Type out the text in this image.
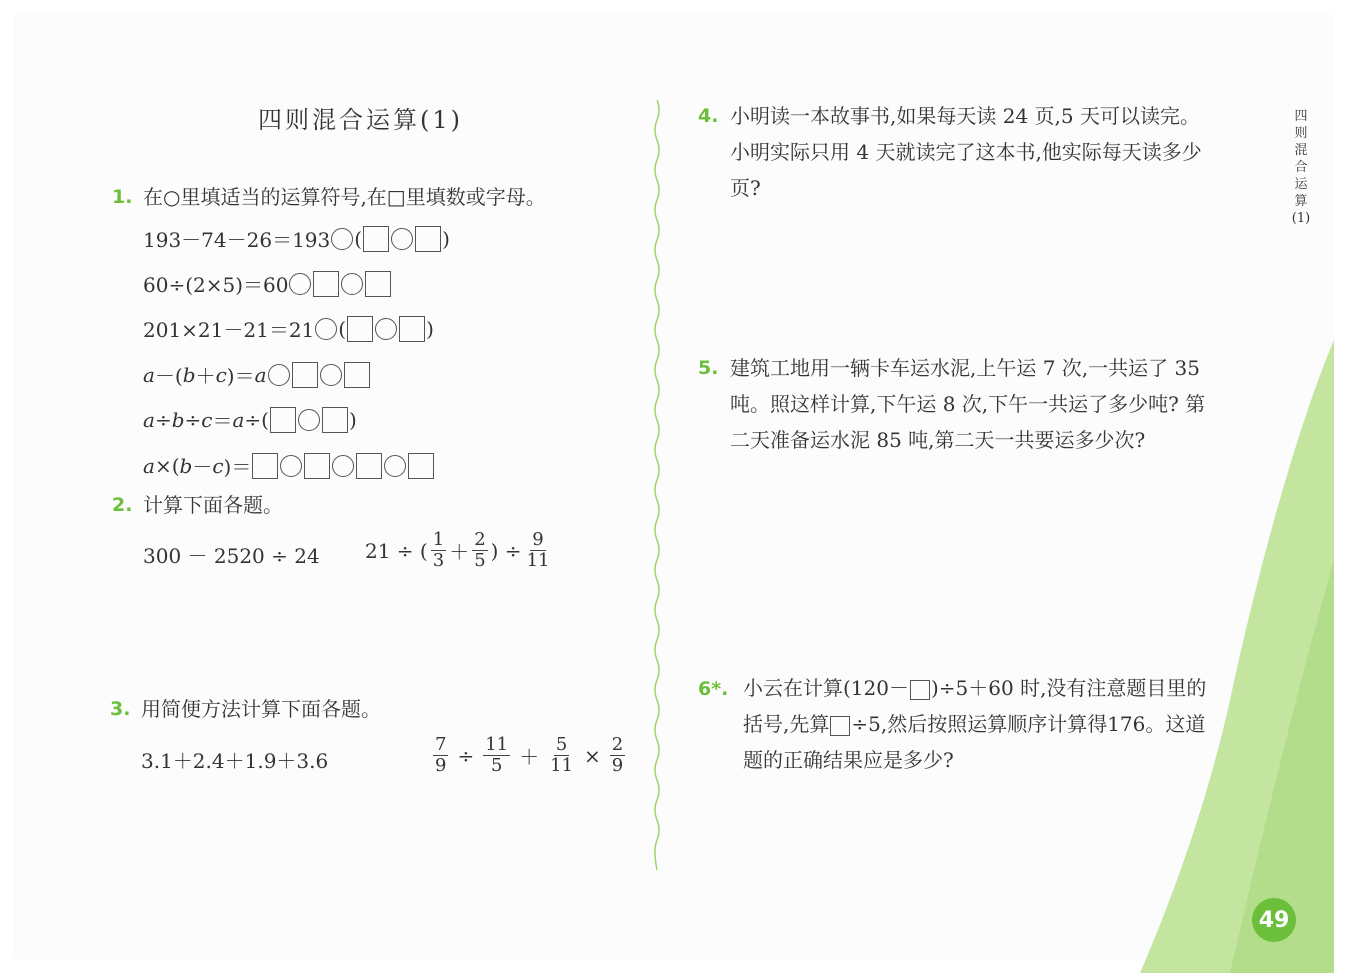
四则混合运算(1)
1. 在○里填适当的运算符号,在□里填数或字母。
193－74－26＝193 (	)
60÷(2×5)＝60
201×21－21＝21 (	)
a －( b ＋ c )＝ a
a ÷ b ÷ c ＝ a ÷(	)
a ×( b － c )＝
2. 计算下面各题。
300 － 2520 ÷ 24 21 ÷ ( $\frac{1}{3} + \frac{2}{5}$ ) ÷ $\frac{9}{11}$
3. 用简便方法计算下面各题。
3.1＋2.4＋1.9＋3.6	$\frac{7}{9} \div \frac{11}{5} + \frac{5}{11} \times \frac{2}{9}$
4. 小明读一本故事书,如果每天读 24 页,5 天可以读完。小明实际只用 4 天就读完了这本书,他实际每天读多少页?
5. 建筑工地用一辆卡车运水泥,上午运 7 次,一共运了 35 吨。照这样计算,下午运 8 次,下午一共运了多少吨? 第二天准备运水泥 85 吨,第二天一共要运多少次?
6*. 小云在计算(120－ )÷5＋60 时,没有注意题目里的括号,先算 ÷5,然后按照运算顺序计算得176。这道题的正确结果应是多少?
四则混合运算(1)
49
